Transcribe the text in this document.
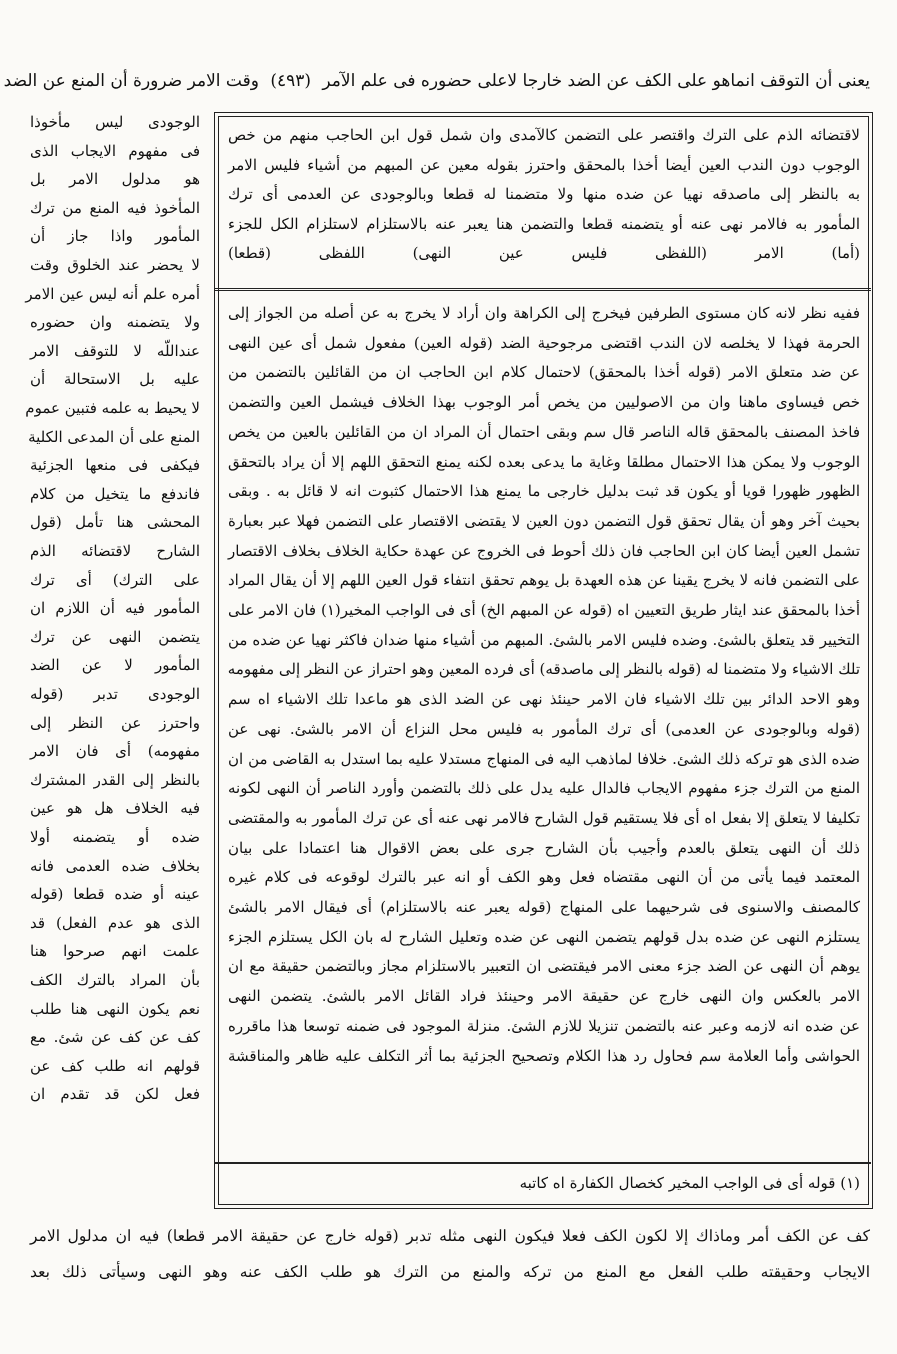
يعنى أن التوقف انماهو على الكف عن الضد خارجا لاعلى حضوره فى علم الآمر (٤٩٣) وقت الامر ضرورة أن المنع عن الضد
لاقتضائه الذم على الترك واقتصر على التضمن كالآمدى وان شمل قول ابن الحاجب منهم من خص
الوجوب دون الندب العين أيضا أخذا بالمحقق واحترز بقوله معين عن المبهم من أشياء فليس الامر
به بالنظر إلى ماصدقه نهيا عن ضده منها ولا متضمنا له قطعا وبالوجودى عن العدمى أى ترك
المأمور به فالامر نهى عنه أو يتضمنه قطعا والتضمن هنا يعبر عنه بالاستلزام لاستلزام الكل للجزء
(أما) الامر (اللفظى فليس عين النهى) اللفظى (قطعا)
ففيه نظر لانه كان مستوى الطرفين فيخرج إلى الكراهة وان أراد لا يخرج به عن أصله من الجواز إلى
الحرمة فهذا لا يخلصه لان الندب اقتضى مرجوحية الضد (قوله العين) مفعول شمل أى عين النهى
عن ضد متعلق الامر (قوله أخذا بالمحقق) لاحتمال كلام ابن الحاجب ان من القائلين بالتضمن من
خص فيساوى ماهنا وان من الاصوليين من يخص أمر الوجوب بهذا الخلاف فيشمل العين والتضمن
فاخذ المصنف بالمحقق قاله الناصر قال سم وبقى احتمال أن المراد ان من القائلين بالعين من يخص
الوجوب ولا يمكن هذا الاحتمال مطلقا وغاية ما يدعى بعده لكنه يمنع التحقق اللهم إلا أن يراد بالتحقق
الظهور ظهورا قويا أو يكون قد ثبت بدليل خارجى ما يمنع هذا الاحتمال كثبوت انه لا قائل به . وبقى
بحيث آخر وهو أن يقال تحقق قول التضمن دون العين لا يقتضى الاقتصار على التضمن فهلا عبر بعبارة
تشمل العين أيضا كان ابن الحاجب فان ذلك أحوط فى الخروج عن عهدة حكاية الخلاف بخلاف الاقتصار
على التضمن فانه لا يخرج يقينا عن هذه العهدة بل يوهم تحقق انتفاء قول العين اللهم إلا أن يقال المراد
أخذا بالمحقق عند ايثار طريق التعيين اه (قوله عن المبهم الخ) أى فى الواجب المخير(١) فان الامر على
التخيير قد يتعلق بالشئ. وضده فليس الامر بالشئ. المبهم من أشياء منها ضدان فاكثر نهيا عن ضده من
تلك الاشياء ولا متضمنا له (قوله بالنظر إلى ماصدقه) أى فرده المعين وهو احتراز عن النظر إلى مفهومه
وهو الاحد الدائر بين تلك الاشياء فان الامر حينئذ نهى عن الضد الذى هو ماعدا تلك الاشياء اه سم
(قوله وبالوجودى عن العدمى) أى ترك المأمور به فليس محل النزاع أن الامر بالشئ. نهى عن
ضده الذى هو تركه ذلك الشئ. خلافا لماذهب اليه فى المنهاج مستدلا عليه بما استدل به القاضى من ان
المنع من الترك جزء مفهوم الايجاب فالدال عليه يدل على ذلك بالتضمن وأورد الناصر أن النهى لكونه
تكليفا لا يتعلق إلا بفعل اه أى فلا يستقيم قول الشارح فالامر نهى عنه أى عن ترك المأمور به والمقتضى
ذلك أن النهى يتعلق بالعدم وأجيب بأن الشارح جرى على بعض الاقوال هنا اعتمادا على بيان
المعتمد فيما يأتى من أن النهى مقتضاه فعل وهو الكف أو انه عبر بالترك لوقوعه فى كلام غيره
كالمصنف والاسنوى فى شرحيهما على المنهاج (قوله يعبر عنه بالاستلزام) أى فيقال الامر بالشئ
يستلزم النهى عن ضده بدل قولهم يتضمن النهى عن ضده وتعليل الشارح له بان الكل يستلزم الجزء
يوهم أن النهى عن الضد جزء معنى الامر فيقتضى ان التعبير بالاستلزام مجاز وبالتضمن حقيقة مع ان
الامر بالعكس وان النهى خارج عن حقيقة الامر وحينئذ فراد القائل الامر بالشئ. يتضمن النهى
عن ضده انه لازمه وعبر عنه بالتضمن تنزيلا للازم الشئ. منزلة الموجود فى ضمنه توسعا هذا ماقرره
الحواشى وأما العلامة سم فحاول رد هذا الكلام وتصحيح الجزئية بما أثر التكلف عليه ظاهر والمناقشة
(١) قوله أى فى الواجب المخير كخصال الكفارة اه كاتبه
الوجودى ليس مأخوذا
فى مفهوم الايجاب الذى
هو مدلول الامر بل
المأخوذ فيه المنع من ترك
المأمور واذا جاز أن
لا يحضر عند الخلوق وقت
أمره علم أنه ليس عين الامر
ولا يتضمنه وان حضوره
عنداللّه لا للتوقف الامر
عليه بل الاستحالة أن
لا يحيط به علمه فتبين عموم
المنع على أن المدعى الكلية
فيكفى فى منعها الجزئية
فاندفع ما يتخيل من كلام
المحشى هنا تأمل (قول
الشارح لاقتضائه الذم
على الترك) أى ترك
المأمور فيه أن اللازم ان
يتضمن النهى عن ترك
المأمور لا عن الضد
الوجودى تدبر (قوله
واحترز عن النظر إلى
مفهومه) أى فان الامر
بالنظر إلى القدر المشترك
فيه الخلاف هل هو عين
ضده أو يتضمنه أولا
بخلاف ضده العدمى فانه
عينه أو ضده قطعا (قوله
الذى هو عدم الفعل) قد
علمت انهم صرحوا هنا
بأن المراد بالترك الكف
نعم يكون النهى هنا طلب
كف عن كف عن شئ. مع
قولهم انه طلب كف عن
فعل لكن قد تقدم ان
كف عن الكف أمر وماذاك إلا لكون الكف فعلا فيكون النهى مثله تدبر (قوله خارج عن حقيقة الامر قطعا) فيه ان مدلول الامر
الايجاب وحقيقته طلب الفعل مع المنع من تركه والمنع من الترك هو طلب الكف عنه وهو النهى وسيأتى ذلك بعد
